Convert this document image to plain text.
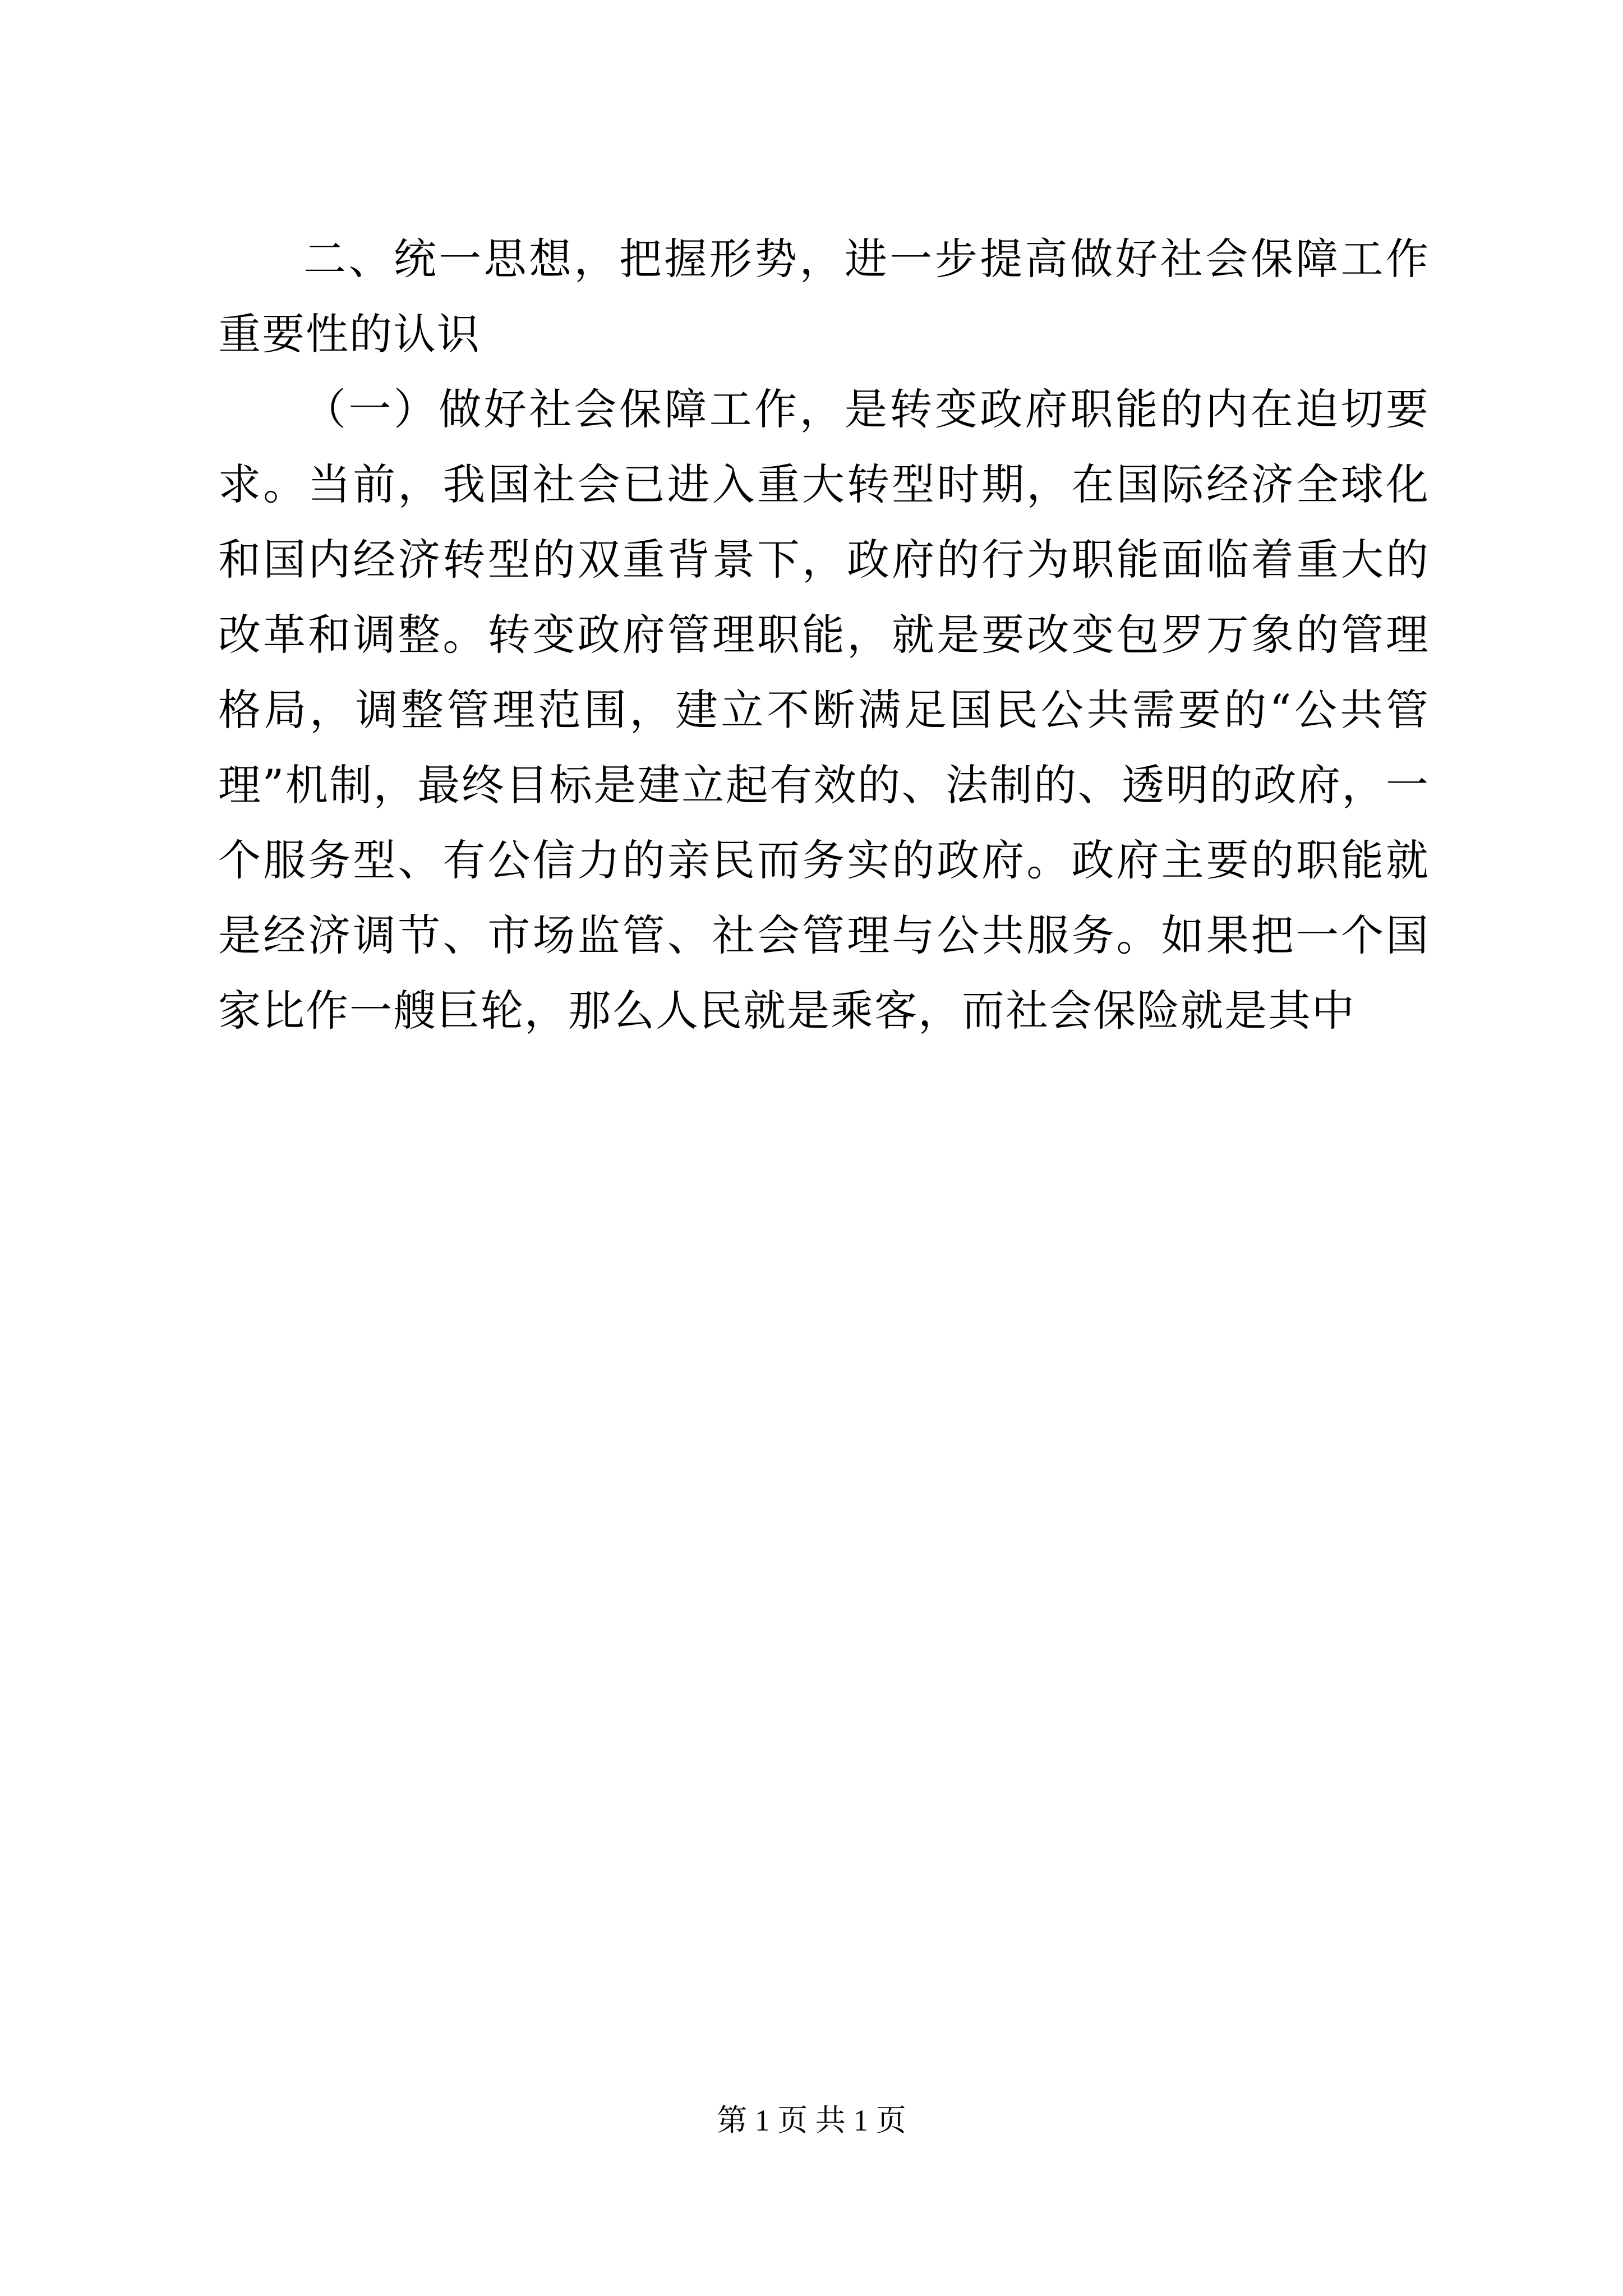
二、统一思想，把握形势，进一步提高做好社会保障工作重要性的认识

（一）做好社会保障工作，是转变政府职能的内在迫切要求。当前，我国社会已进入重大转型时期，在国际经济全球化和国内经济转型的双重背景下，政府的行为职能面临着重大的改革和调整。转变政府管理职能，就是要改变包罗万象的管理格局，调整管理范围，建立不断满足国民公共需要的“公共管理”机制，最终目标是建立起有效的、法制的、透明的政府，一个服务型、有公信力的亲民而务实的政府。政府主要的职能就是经济调节、市场监管、社会管理与公共服务。如果把一个国家比作一艘巨轮，那么人民就是乘客，而社会保险就是其中

第 1 页 共 1 页
